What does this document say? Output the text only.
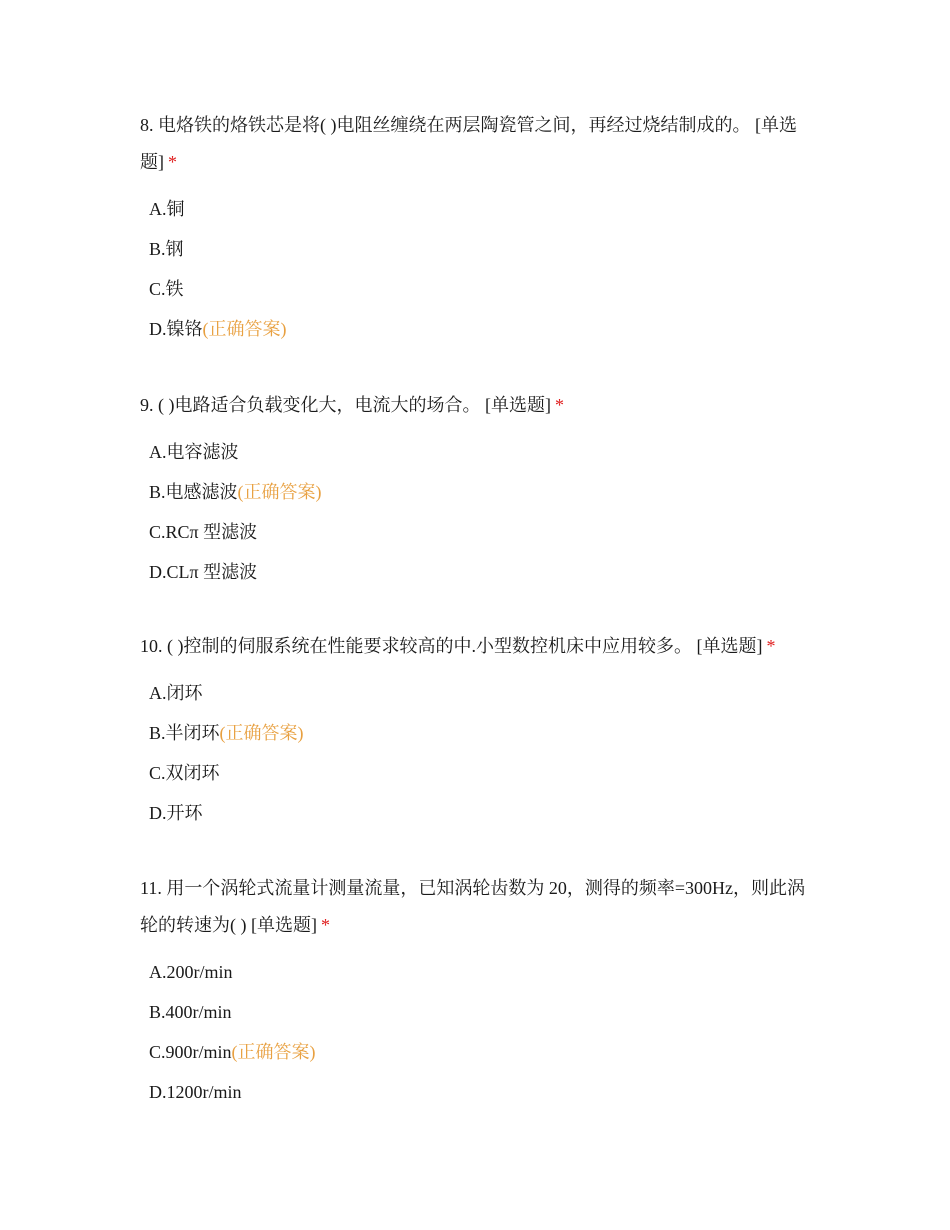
8. 电烙铁的烙铁芯是将( )电阻丝缠绕在两层陶瓷管之间，再经过烧结制成的。 [单选题] *

A.铜
B.钢
C.铁
D.镍铬(正确答案)

9. ( )电路适合负载变化大，电流大的场合。 [单选题] *

A.电容滤波
B.电感滤波(正确答案)
C.RCπ 型滤波
D.CLπ 型滤波

10. ( )控制的伺服系统在性能要求较高的中.小型数控机床中应用较多。 [单选题] *

A.闭环
B.半闭环(正确答案)
C.双闭环
D.开环

11. 用一个涡轮式流量计测量流量，已知涡轮齿数为 20，测得的频率=300Hz，则此涡轮的转速为( ) [单选题] *

A.200r/min
B.400r/min
C.900r/min(正确答案)
D.1200r/min
